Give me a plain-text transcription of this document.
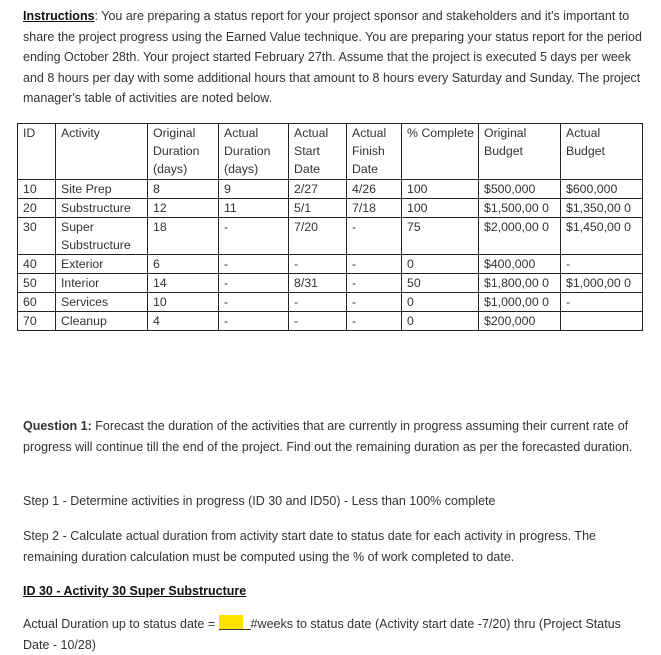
Instructions: You are preparing a status report for your project sponsor and stakeholders and it's important to share the project progress using the Earned Value technique. You are preparing your status report for the period ending October 28th. Your project started February 27th. Assume that the project is executed 5 days per week and 8 hours per day with some additional hours that amount to 8 hours every Saturday and Sunday. The project manager's table of activities are noted below.
ID	Activity	Original Duration (days)	Actual Duration (days)	Actual Start Date	Actual Finish Date	% Complete	Original Budget	Actual Budget
10	Site Prep	8	9	2/27	4/26	100	$500,000	$600,000
20	Substructure	12	11	5/1	7/18	100	$1,500,00 0	$1,350,00 0
30	Super Substructure	18	-	7/20	-	75	$2,000,00 0	$1,450,00 0
40	Exterior	6	-	-	-	0	$400,000	-
50	Interior	14	-	8/31	-	50	$1,800,00 0	$1,000,00 0
60	Services	10	-	-	-	0	$1,000,00 0	-
70	Cleanup	4	-	-	-	0	$200,000	
Question 1: Forecast the duration of the activities that are currently in progress assuming their current rate of progress will continue till the end of the project. Find out the remaining duration as per the forecasted duration.
Step 1 - Determine activities in progress (ID 30 and ID50) - Less than 100% complete
Step 2 - Calculate actual duration from activity start date to status date for each activity in progress. The remaining duration calculation must be computed using the % of work completed to date.
ID 30 - Activity 30 Super Substructure
Actual Duration up to status date =	#weeks to status date (Activity start date -7/20) thru (Project Status Date - 10/28)
